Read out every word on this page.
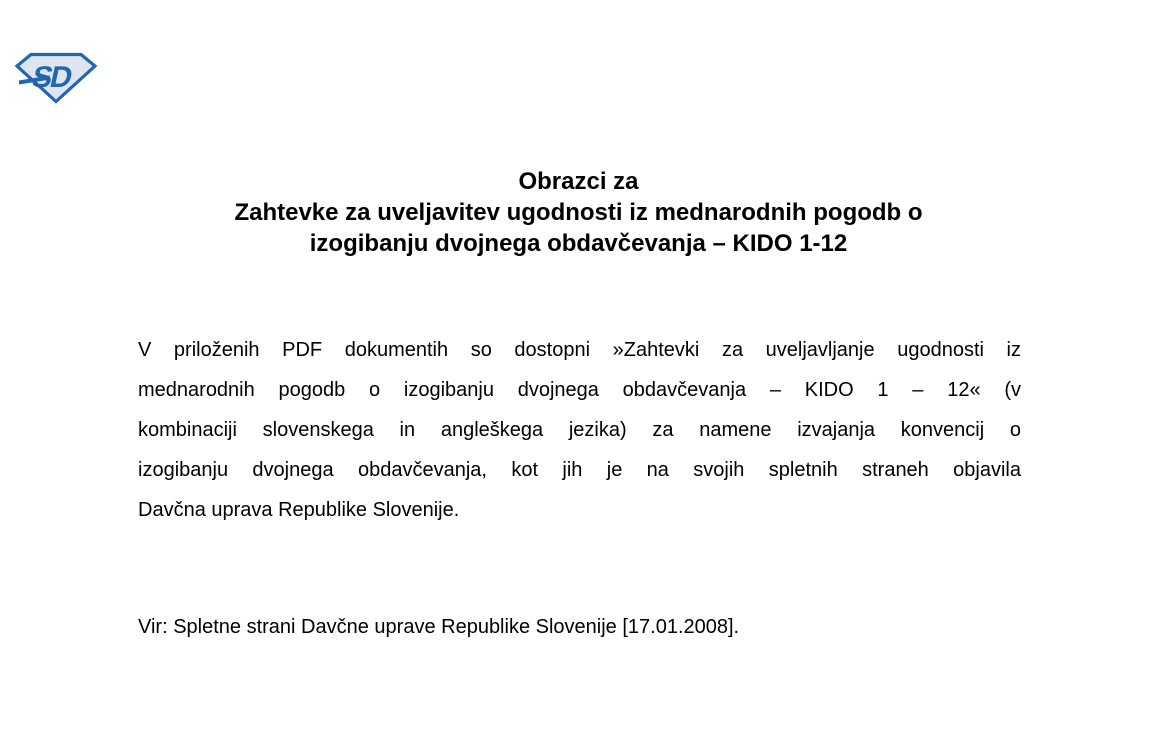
SD
Obrazci za
Zahtevke za uveljavitev ugodnosti iz mednarodnih pogodb o
izogibanju dvojnega obdavčevanja – KIDO 1-12
V priloženih PDF dokumentih so dostopni »Zahtevki za uveljavljanje ugodnosti iz
mednarodnih pogodb o izogibanju dvojnega obdavčevanja – KIDO 1 – 12« (v
kombinaciji slovenskega in angleškega jezika) za namene izvajanja konvencij o
izogibanju dvojnega obdavčevanja, kot jih je na svojih spletnih straneh objavila
Davčna uprava Republike Slovenije.
Vir: Spletne strani Davčne uprave Republike Slovenije [17.01.2008].
